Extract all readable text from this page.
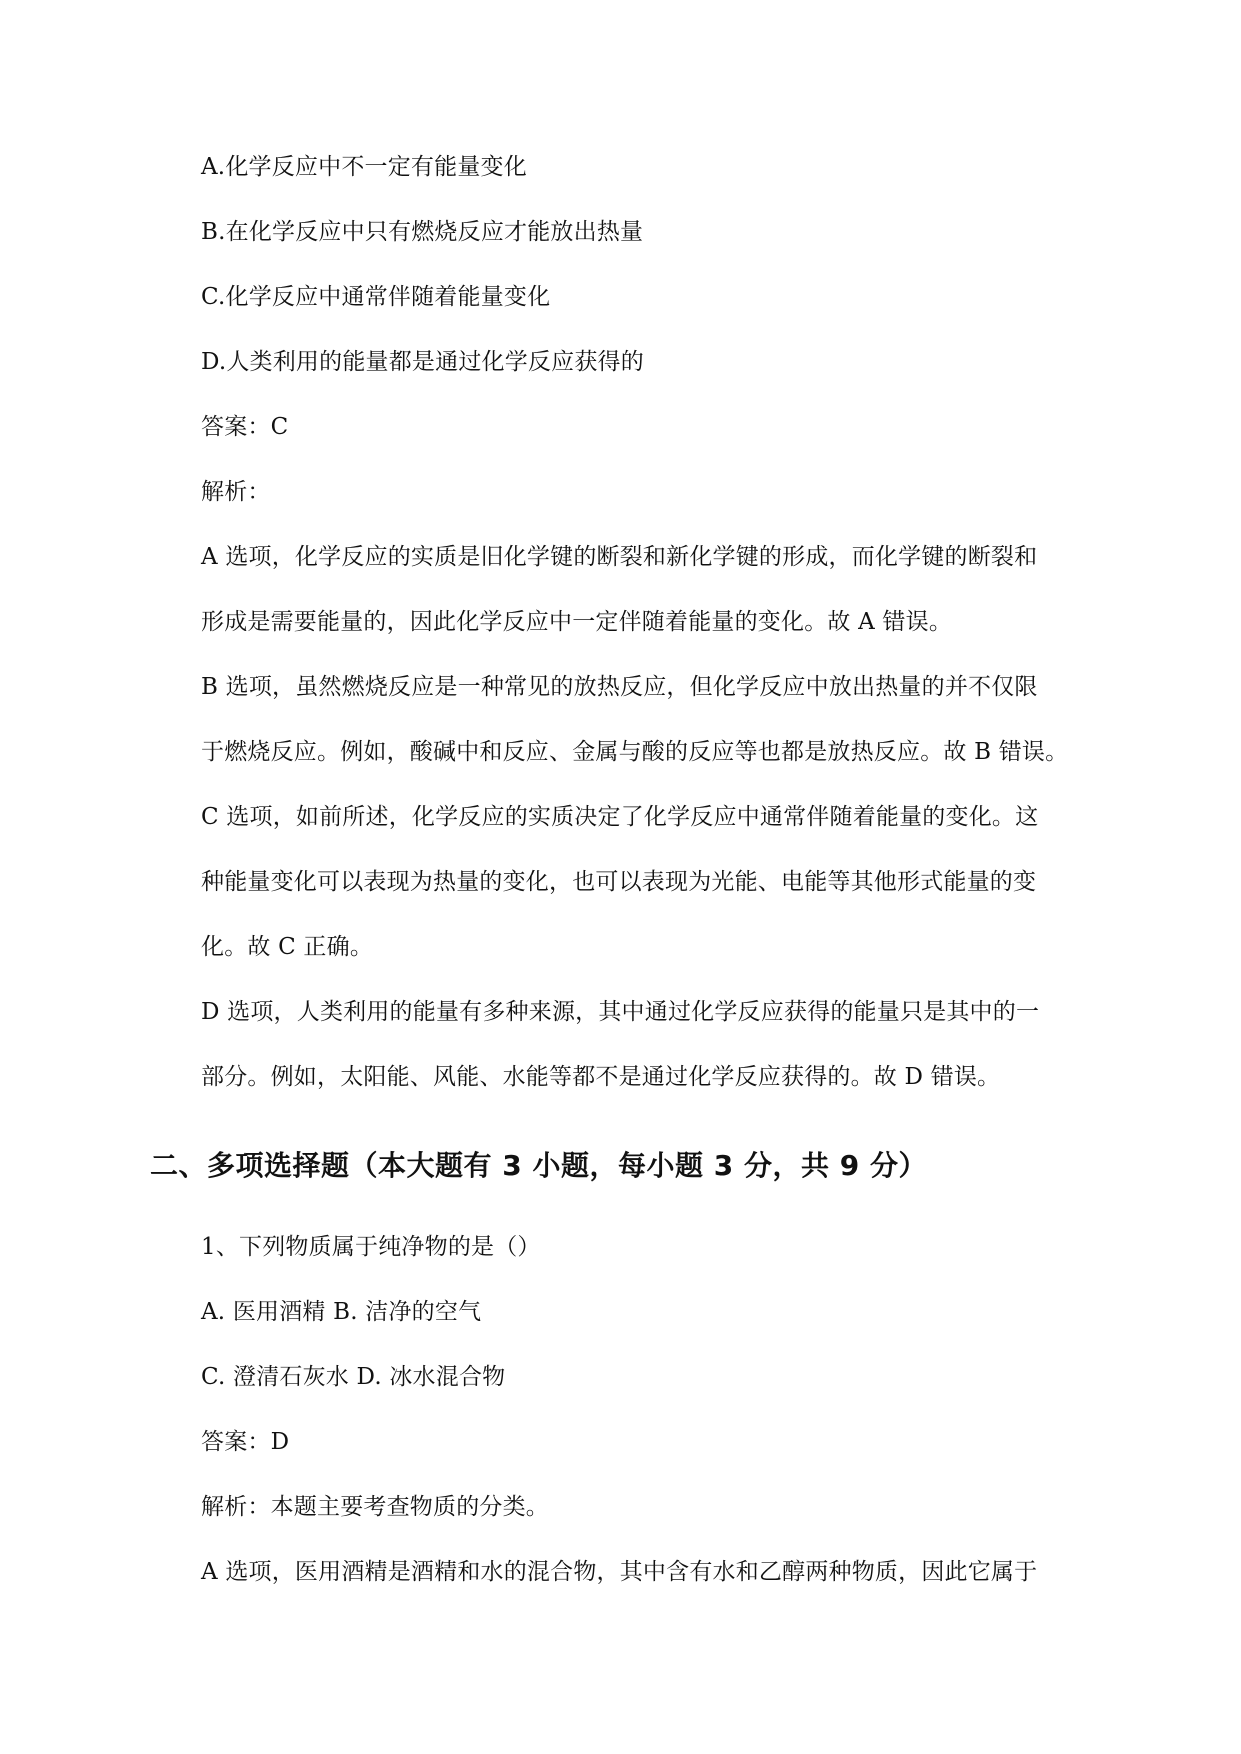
A.化学反应中不一定有能量变化
B.在化学反应中只有燃烧反应才能放出热量
C.化学反应中通常伴随着能量变化
D.人类利用的能量都是通过化学反应获得的
答案：C
解析：
A 选项，化学反应的实质是旧化学键的断裂和新化学键的形成，而化学键的断裂和
形成是需要能量的，因此化学反应中一定伴随着能量的变化。故 A 错误。
B 选项，虽然燃烧反应是一种常见的放热反应，但化学反应中放出热量的并不仅限
于燃烧反应。例如，酸碱中和反应、金属与酸的反应等也都是放热反应。故 B 错误。
C 选项，如前所述，化学反应的实质决定了化学反应中通常伴随着能量的变化。这
种能量变化可以表现为热量的变化，也可以表现为光能、电能等其他形式能量的变
化。故 C 正确。
D 选项，人类利用的能量有多种来源，其中通过化学反应获得的能量只是其中的一
部分。例如，太阳能、风能、水能等都不是通过化学反应获得的。故 D 错误。
二、多项选择题（本大题有 3 小题，每小题 3 分，共 9 分）
1、下列物质属于纯净物的是（）
A. 医用酒精 B. 洁净的空气
C. 澄清石灰水 D. 冰水混合物
答案：D
解析：本题主要考查物质的分类。
A 选项，医用酒精是酒精和水的混合物，其中含有水和乙醇两种物质，因此它属于
